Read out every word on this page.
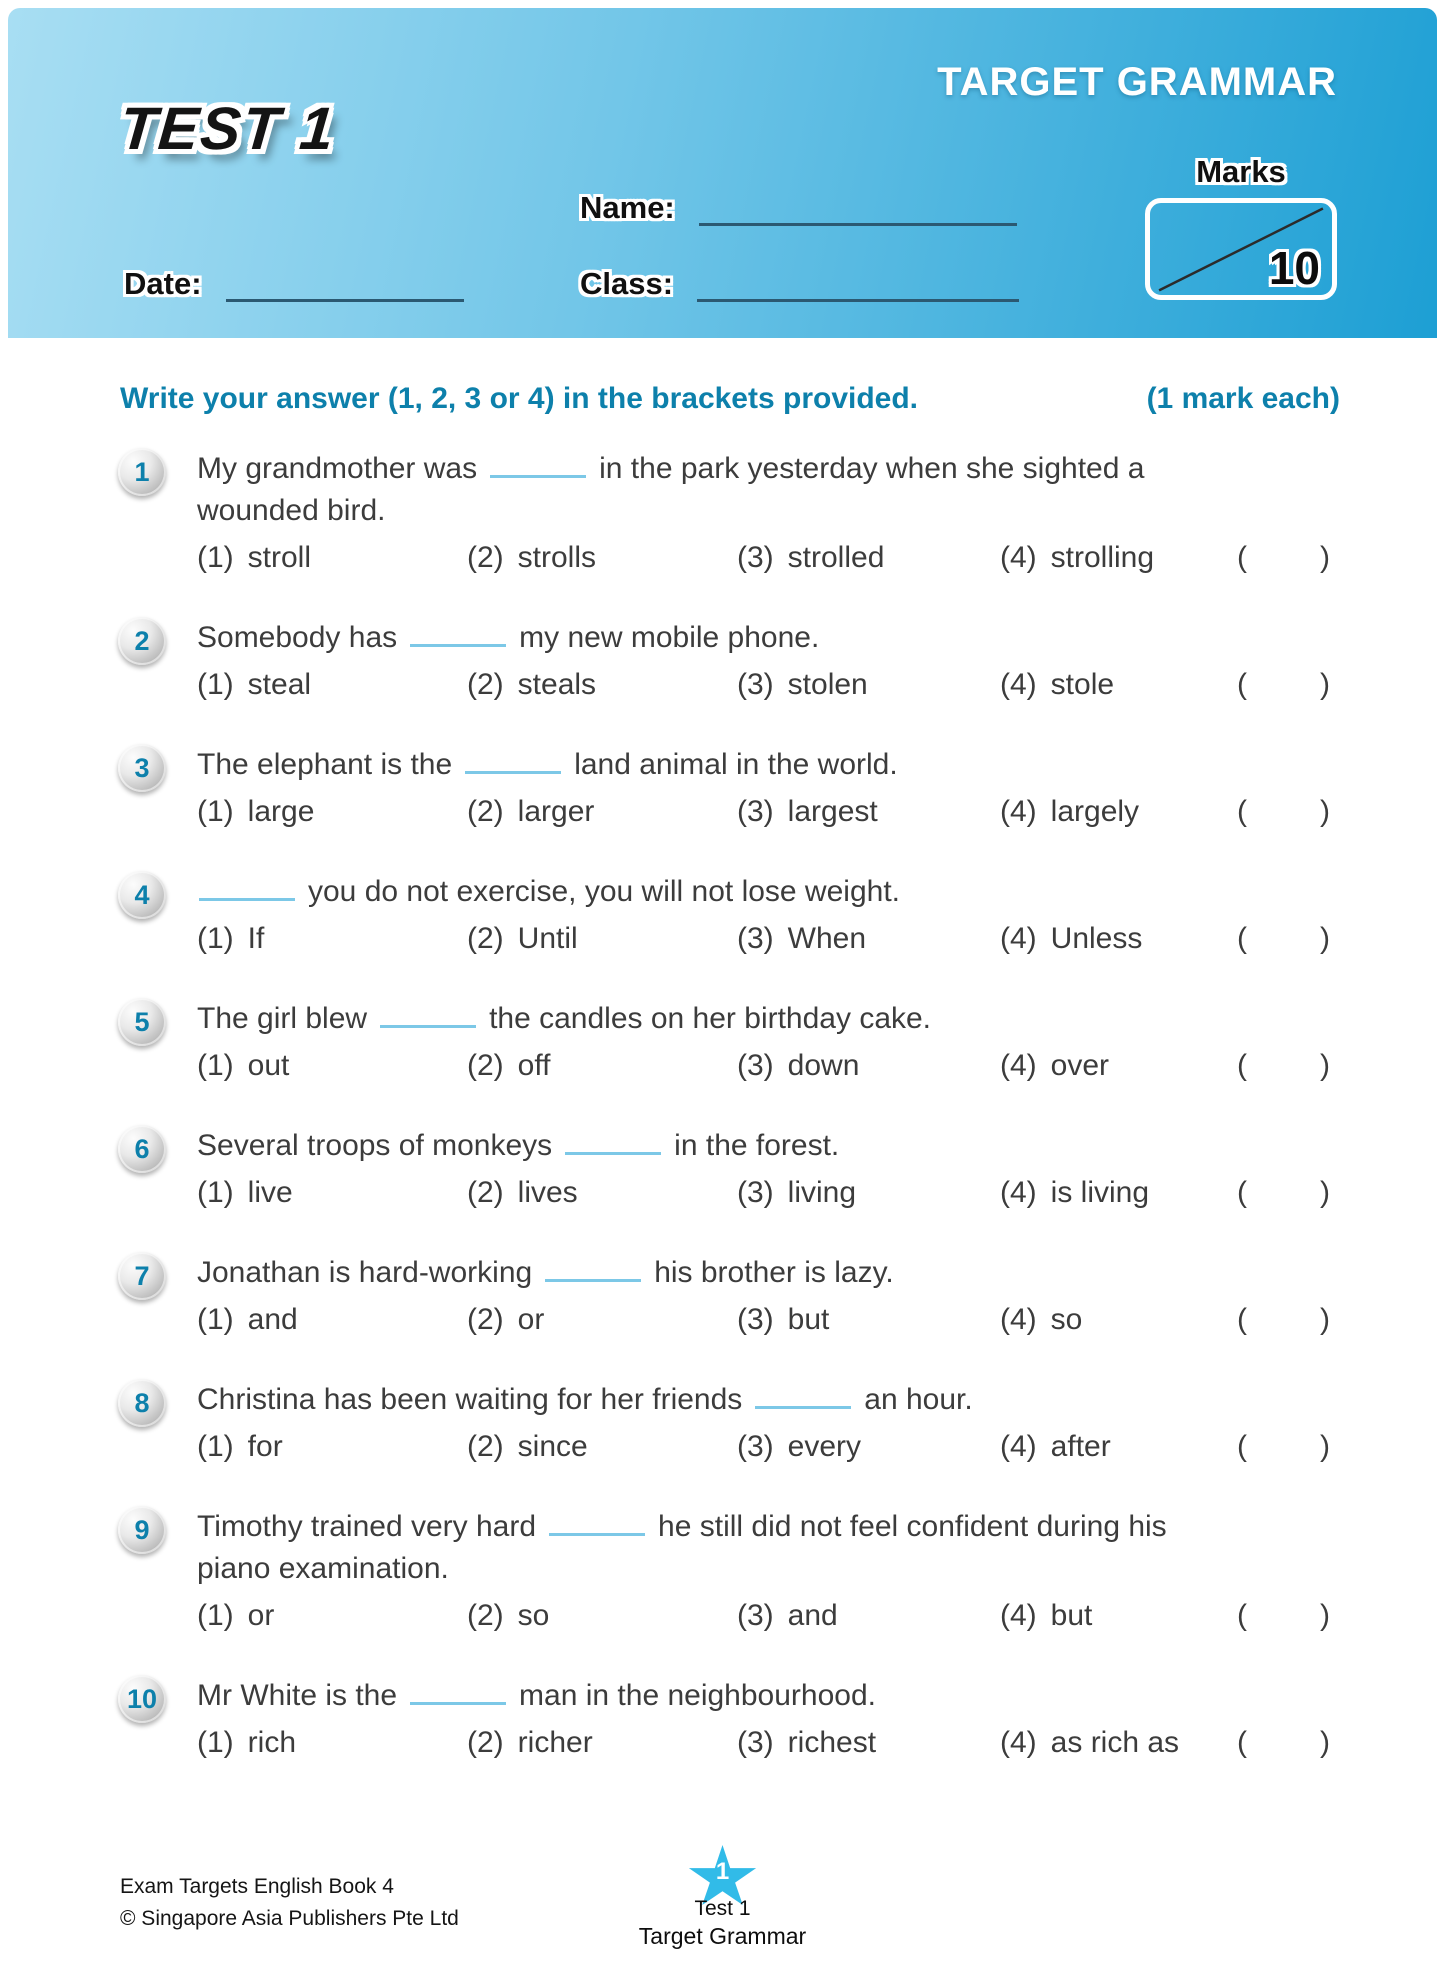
TARGET GRAMMAR
TEST 1
Name:
Date:	Class:
Marks
10
Write your answer (1, 2, 3 or 4) in the brackets provided.	(1 mark each)
1 My grandmother was	in the park yesterday when she sighted a wounded bird.

(1) stroll	(2) strolls	(3) strolled	(4) strolling	( )
2 Somebody has	my new mobile phone.

(1) steal	(2) steals	(3) stolen	(4) stole	( )
3 The elephant is the	land animal in the world.

(1) large	(2) larger	(3) largest	(4) largely	( )
4	you do not exercise, you will not lose weight.

(1) If	(2) Until	(3) When	(4) Unless	( )
5 The girl blew	the candles on her birthday cake.

(1) out	(2) off	(3) down	(4) over	( )
6 Several troops of monkeys	in the forest.

(1) live	(2) lives	(3) living	(4) is living	( )
7 Jonathan is hard-working	his brother is lazy.

(1) and	(2) or	(3) but	(4) so	( )
8 Christina has been waiting for her friends	an hour.

(1) for	(2) since	(3) every	(4) after	( )
9 Timothy trained very hard	he still did not feel confident during his piano examination.

(1) or	(2) so	(3) and	(4) but	( )
10 Mr White is the	man in the neighbourhood.

(1) rich	(2) richer	(3) richest	(4) as rich as	( )
Exam Targets English Book 4
© Singapore Asia Publishers Pte Ltd
1
Test 1
Target Grammar
